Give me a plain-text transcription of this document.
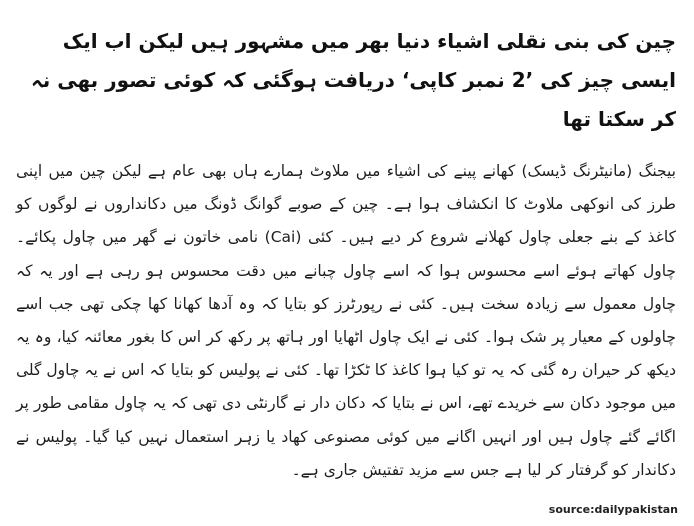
چین کی بنی نقلی اشیاء دنیا بھر میں مشہور ہیں لیکن اب ایک ایسی چیز کی ’2 نمبر کاپی‘ دریافت ہوگئی کہ کوئی تصور بھی نہ کر سکتا تھا

بیجنگ (مانیٹرنگ ڈیسک) کھانے پینے کی اشیاء میں ملاوٹ ہمارے ہاں بھی عام ہے لیکن چین میں اپنی طرز کی انوکھی ملاوٹ کا انکشاف ہوا ہے۔ چین کے صوبے گوانگ ڈونگ میں دکانداروں نے لوگوں کو کاغذ کے بنے جعلی چاول کھلانے شروع کر دیے ہیں۔ کئی (Cai) نامی خاتون نے گھر میں چاول پکائے۔ چاول کھاتے ہوئے اسے محسوس ہوا کہ اسے چاول چبانے میں دقت محسوس ہو رہی ہے اور یہ کہ چاول معمول سے زیادہ سخت ہیں۔ کئی نے رپورٹرز کو بتایا کہ وہ آدھا کھانا کھا چکی تھی جب اسے چاولوں کے معیار پر شک ہوا۔ کئی نے ایک چاول اٹھایا اور ہاتھ پر رکھ کر اس کا بغور معائنہ کیا، وہ یہ دیکھ کر حیران رہ گئی کہ یہ تو کیا ہوا کاغذ کا ٹکڑا تھا۔ کئی نے پولیس کو بتایا کہ اس نے یہ چاول گلی میں موجود دکان سے خریدے تھے، اس نے بتایا کہ دکان دار نے گارنٹی دی تھی کہ یہ چاول مقامی طور پر اگائے گئے چاول ہیں اور انہیں اگانے میں کوئی مصنوعی کھاد یا زہر استعمال نہیں کیا گیا۔ پولیس نے دکاندار کو گرفتار کر لیا ہے جس سے مزید تفتیش جاری ہے۔

source:dailypakistan
